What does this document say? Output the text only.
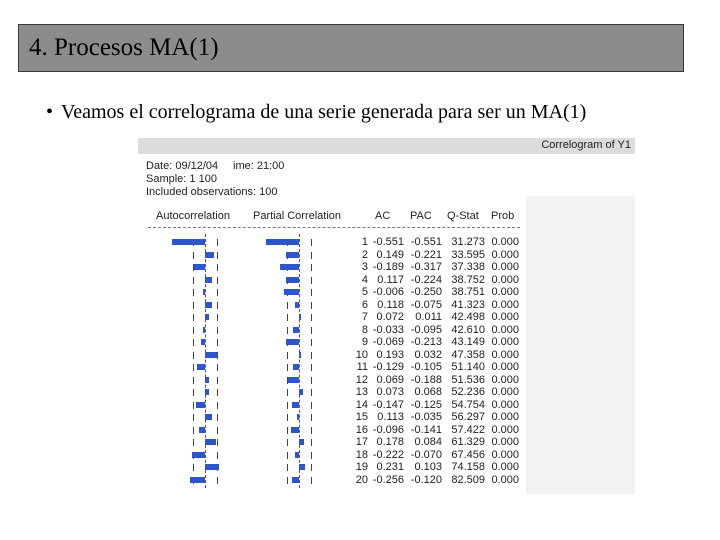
4. Procesos MA(1)
• Veamos el correlograma de una serie generada para ser un MA(1)
Correlogram of Y1
Date: 09/12/04 ime: 21:00
Sample: 1 100
Included observations: 100
Autocorrelation Partial Correlation	AC PAC Q-Stat Prob
1 -0.551 -0.551 31.273 0.000
2 0.149 -0.221 33.595 0.000
3 -0.189 -0.317 37.338 0.000
4 0.117 -0.224 38.752 0.000
5 -0.006 -0.250 38.751 0.000
6 0.118 -0.075 41.323 0.000
7 0.072	0.011 42.498 0.000
8 -0.033 -0.095 42.610 0.000
9 -0.069 -0.213 43.149 0.000
10 0.193 0.032 47.358 0.000
11 -0.129 -0.105 51.140 0.000
12 0.069 -0.188 51.536 0.000
13 0.073 0.068 52.236 0.000
14 -0.147 -0.125 54.754 0.000
15 0.113 -0.035 56.297 0.000
16 -0.096 -0.141 57.422 0.000
17 0.178 0.084 61.329 0.000
18 -0.222 -0.070 67.456 0.000
19 0.231 0.103 74.158 0.000
20 -0.256 -0.120 82.509 0.000
